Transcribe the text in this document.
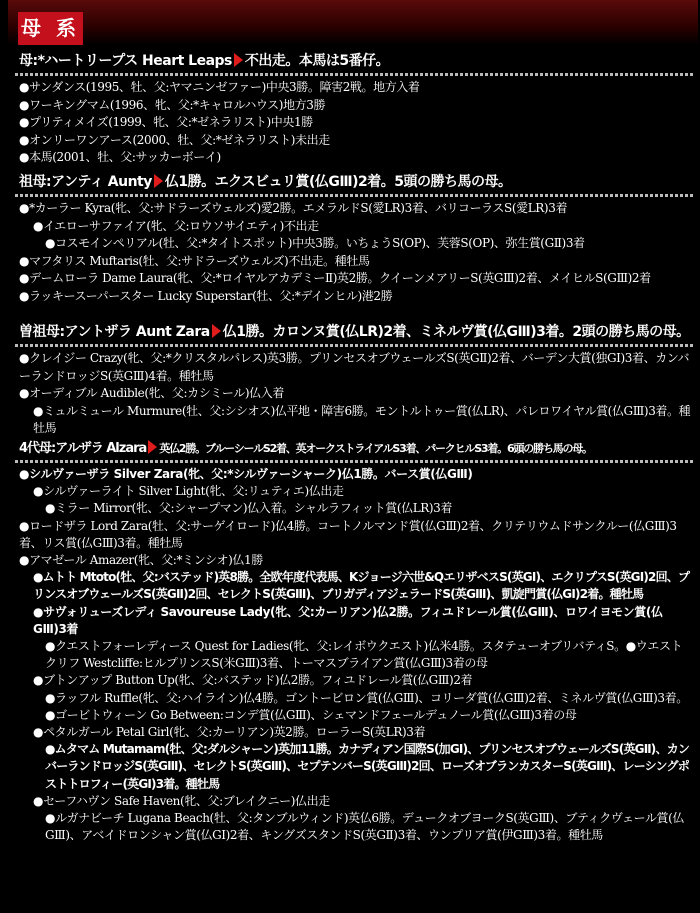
母 系
母:*ハートリープス Heart Leaps 不出走。本馬は5番仔。
●サンダンス(1995、牡、父:ヤマニンゼファー)中央3勝。障害2戦。地方入着
●ワーキングマム(1996、牝、父:*キャロルハウス)地方3勝
●プリティメイズ(1999、牝、父:*ゼネラリスト)中央1勝
●オンリーワンアース(2000、牡、父:*ゼネラリスト)未出走
●本馬(2001、牡、父:サッカーボーイ)
祖母:アンティ Aunty 仏1勝。エクスビュリ賞(仏GⅢ)2着。5頭の勝ち馬の母。
●*カーラー Kyra(牝、父:サドラーズウェルズ)愛2勝。エメラルドS(愛LR)3着、バリコーラスS(愛LR)3着
●イエローサファイア(牝、父:ロウソサイエティ)不出走
●コスモインペリアル(牡、父:*タイトスポット)中央3勝。いちょうS(OP)、芙蓉S(OP)、弥生賞(GⅡ)3着
●マフタリス Muftaris(牡、父:サドラーズウェルズ)不出走。種牡馬
●デームローラ Dame Laura(牝、父:*ロイヤルアカデミーⅡ)英2勝。クイーンメアリーS(英GⅢ)2着、メイヒルS(GⅢ)2着
●ラッキースーパースター Lucky Superstar(牡、父:*デインヒル)港2勝
曽祖母:アントザラ Aunt Zara 仏1勝。カロンヌ賞(仏LR)2着、ミネルヴ賞(仏GⅢ)3着。2頭の勝ち馬の母。
●クレイジー Crazy(牝、父:*クリスタルパレス)英3勝。プリンセスオブウェールズS(英GⅡ)2着、バーデン大賞(独GⅠ)3着、カンバーランドロッジS(英GⅢ)4着。種牡馬
●オーディブル Audible(牝、父:カシミール)仏入着
●ミュルミュール Murmure(牡、父:シシオス)仏平地・障害6勝。モントルトゥー賞(仏LR)、パレロワイヤル賞(仏GⅢ)3着。種牡馬
4代母:アルザラ Alzara 英仏2勝。ブルーシールS2着、英オークストライアルS3着、パークヒルS3着。6頭の勝ち馬の母。
●シルヴァーザラ Silver Zara(牝、父:*シルヴァーシャーク)仏1勝。バース賞(仏GⅢ)
●シルヴァーライト Silver Light(牝、父:リュティエ)仏出走
●ミラー Mirror(牝、父:シャープマン)仏入着。シャルラフィット賞(仏LR)3着
●ロードザラ Lord Zara(牡、父:サーゲイロード)仏4勝。コートノルマンド賞(仏GⅢ)2着、クリテリウムドサンクルー(仏GⅢ)3着、リス賞(仏GⅢ)3着。種牡馬
●アマゼール Amazer(牝、父:*ミンシオ)仏1勝
●ムトト Mtoto(牡、父:バステッド)英8勝。全欧年度代表馬、Kジョージ六世&QエリザベスS(英GⅠ)、エクリプスS(英GⅠ)2回、プリンスオブウェールズS(英GⅡ)2回、セレクトS(英GⅢ)、ブリガディアジェラードS(英GⅢ)、凱旋門賞(仏GⅠ)2着。種牡馬
●サヴォリューズレディ Savoureuse Lady(牝、父:カーリアン)仏2勝。フィユドレール賞(仏GⅢ)、ロワイヨモン賞(仏GⅢ)3着
●クエストフォーレディース Quest for Ladies(牝、父:レイボウクエスト)仏米4勝。スタテューオブリバティS。●ウエストクリフ Westcliffe:ヒルプリンスS(米GⅢ)3着、トーマスブライアン賞(仏GⅢ)3着の母
●ブトンアップ Button Up(牝、父:バステッド)仏2勝。フィユドレール賞(仏GⅢ)2着
●ラッフル Ruffle(牝、父:ハイライン)仏4勝。ゴントービロン賞(仏GⅢ)、コリーダ賞(仏GⅢ)2着、ミネルヴ賞(仏GⅢ)3着。●ゴービトウィーン Go Between:コンデ賞(仏GⅢ)、シェマンドフェールデュノール賞(仏GⅢ)3着の母
●ペタルガール Petal Girl(牝、父:カーリアン)英2勝。ローラーS(英LR)3着
●ムタマム Mutamam(牡、父:ダルシャーン)英加11勝。カナディアン国際S(加GⅠ)、プリンセスオブウェールズS(英GⅡ)、カンバーランドロッジS(英GⅢ)、セレクトS(英GⅢ)、セプテンバーS(英GⅢ)2回、ローズオブランカスターS(英GⅢ)、レーシングポストトロフィー(英GⅠ)3着。種牡馬
●セーフハヴン Safe Haven(牝、父:ブレイクニー)仏出走
●ルガナビーチ Lugana Beach(牡、父:タンブルウィンド)英仏6勝。デュークオブヨークS(英GⅢ)、ブティクヴェール賞(仏GⅢ)、アベイドロンシャン賞(仏GⅠ)2着、キングズスタンドS(英GⅡ)3着、ウンプリア賞(伊GⅢ)3着。種牡馬
